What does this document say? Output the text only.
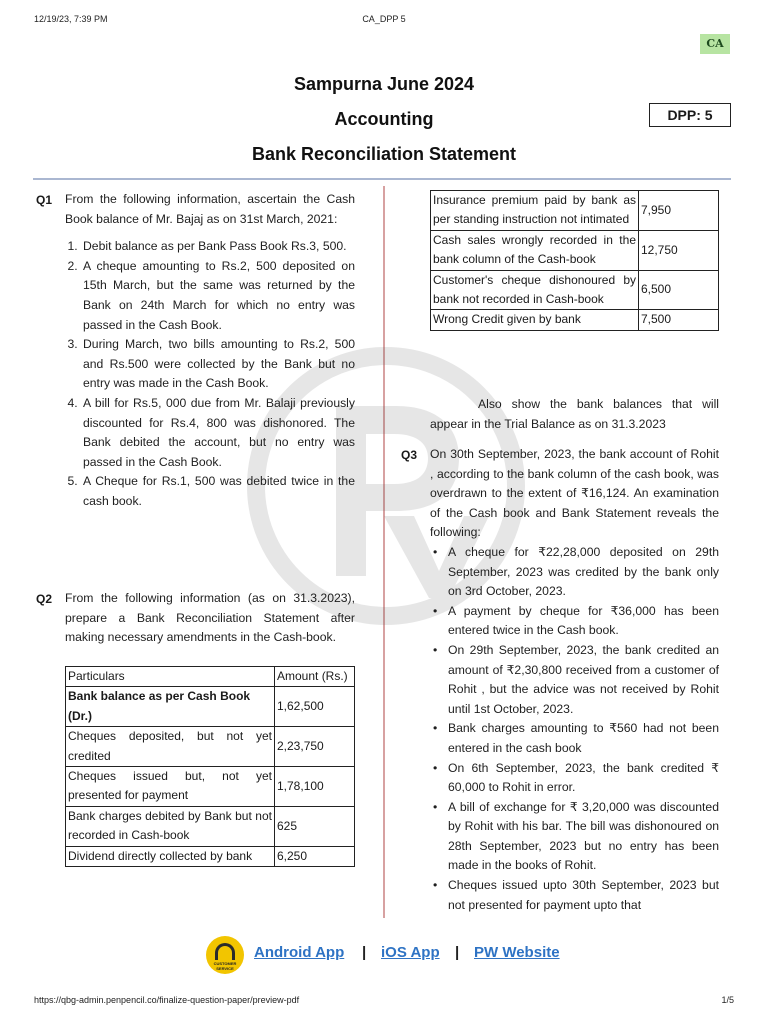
12/19/23, 7:39 PM	CA_DPP 5
CA
Sampurna June 2024
Accounting
Bank Reconciliation Statement
DPP: 5
Q1 From the following information, ascertain the Cash Book balance of Mr. Bajaj as on 31st March, 2021:

1. Debit balance as per Bank Pass Book Rs.3, 500.
2. A cheque amounting to Rs.2, 500 deposited on 15th March, but the same was returned by the Bank on 24th March for which no entry was passed in the Cash Book.
3. During March, two bills amounting to Rs.2, 500 and Rs.500 were collected by the Bank but no entry was made in the Cash Book.
4. A bill for Rs.5, 000 due from Mr. Balaji previously discounted for Rs.4, 800 was dishonored. The Bank debited the account, but no entry was passed in the Cash Book.
5. A Cheque for Rs.1, 500 was debited twice in the cash book.
Q2 From the following information (as on 31.3.2023), prepare a Bank Reconciliation Statement after making necessary amendments in the Cash-book.

Particulars	Amount (Rs.)
Bank balance as per Cash Book (Dr.)	1,62,500
Cheques deposited, but not yet credited	2,23,750
Cheques issued but, not yet presented for payment	1,78,100
Bank charges debited by Bank but not recorded in Cash-book	625
Dividend directly collected by bank	6,250
Insurance premium paid by bank as per standing instruction not intimated	7,950
Cash sales wrongly recorded in the bank column of the Cash-book	12,750
Customer's cheque dishonoured by bank not recorded in Cash-book	6,500
Wrong Credit given by bank	7,500
Also show the bank balances that will appear in the Trial Balance as on 31.3.2023
Q3 On 30th September, 2023, the bank account of Rohit , according to the bank column of the cash book, was overdrawn to the extent of ₹16,124. An examination of the Cash book and Bank Statement reveals the following:

• A cheque for ₹22,28,000 deposited on 29th September, 2023 was credited by the bank only on 3rd October, 2023.
• A payment by cheque for ₹36,000 has been entered twice in the Cash book.
• On 29th September, 2023, the bank credited an amount of ₹2,30,800 received from a customer of Rohit , but the advice was not received by Rohit until 1st October, 2023.
• Bank charges amounting to ₹560 had not been entered in the cash book
• On 6th September, 2023, the bank credited ₹ 60,000 to Rohit in error.
• A bill of exchange for ₹ 3,20,000 was discounted by Rohit with his bar. The bill was dishonoured on 28th September, 2023 but no entry has been made in the books of Rohit.
• Cheques issued upto 30th September, 2023 but not presented for payment upto that
CUSTOMER SERVICE
Android App | iOS App | PW Website
https://qbg-admin.penpencil.co/finalize-question-paper/preview-pdf	1/5
